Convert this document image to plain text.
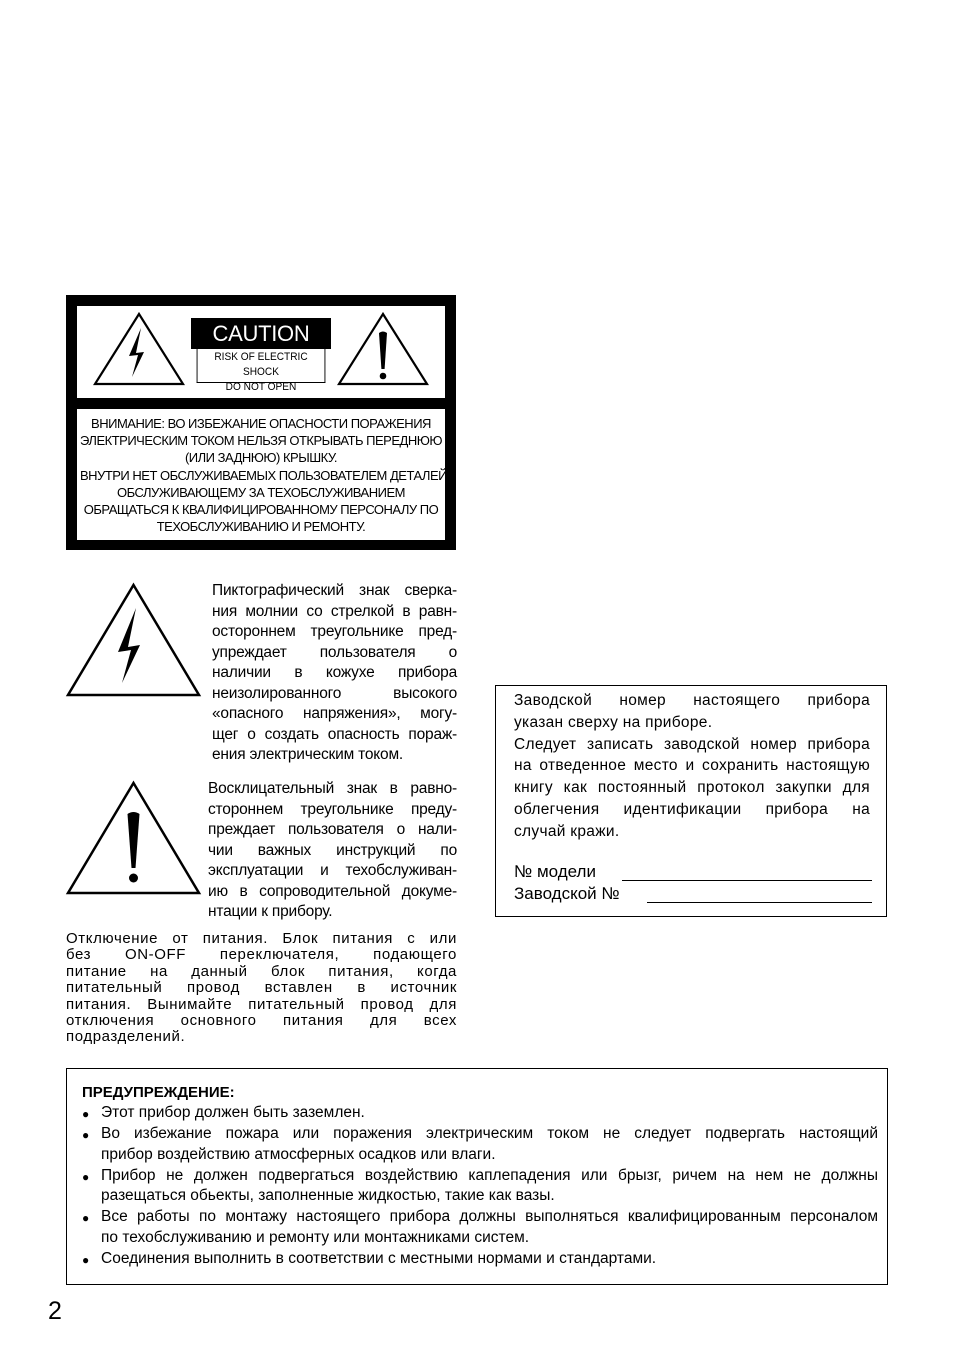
CAUTION
RISK OF ELECTRIC SHOCK
DO NOT OPEN
ВНИМАНИЕ: ВО ИЗБЕЖАНИЕ ОПАСНОСТИ ПОРАЖЕНИЯ
ЭЛЕКТРИЧЕСКИМ ТОКОМ НЕЛЬЗЯ ОТКРЫВАТЬ ПЕРЕДНЮЮ
(ИЛИ ЗАДНЮЮ) КРЫШКУ.
ВНУТРИ НЕТ ОБСЛУЖИВАЕМЫХ ПОЛЬЗОВАТЕЛЕМ ДЕТАЛЕЙ.
ОБСЛУЖИВАЮЩЕМУ ЗА ТЕХОБСЛУЖИВАНИЕМ
ОБРАЩАТЬСЯ К КВАЛИФИЦИРОВАННОМУ ПЕРСОНАЛУ ПО
ТЕХОБСЛУЖИВАНИЮ И РЕМОНТУ.
Пиктографический знак сверка-
ния молнии со стрелкой в равн-
остороннем треугольнике пред-
упреждает пользователя о
наличии в кожухе прибора
неизолированного высокого
«опасного напряжения», могу-
щег о создать опасность пораж-
ения электрическим током.
Восклицательный знак в равно-
стороннем треугольнике преду-
преждает пользователя о нали-
чии важных инструкций по
эксплуатации и техобслуживан-
ию в сопроводительной докуме-
нтации к прибору.
Отключение от питания. Блок питания с или
без ON-OFF переключателя, подающего
питание на данный блок питания, когда
питательный провод вставлен в источник
питания. Вынимайте питательный провод для
отключения основного питания для всех
подразделений.
Заводской номер настоящего прибора
указан сверху на приборе.
Следует записать заводской номер прибора
на отведенное место и сохранить настоящую
книгу как постоянный протокол закупки для
облегчения идентификации прибора на
случай кражи.
№ модели
Заводской №
ПРЕДУПРЕЖДЕНИЕ:
● Этот прибор должен быть заземлен.
● Во избежание пожара или поражения электрическим током не следует подвергать настоящий
прибор воздействию атмосферных осадков или влаги.
● Прибор не должен подвергаться воздействию каплепадения или брызг, ричем на нем не должны
разещаться обьекты, заполненные жидкостью, такие как вазы.
● Все работы по монтажу настоящего прибора должны выполняться квалифицированным персоналом
по техобслуживанию и ремонту или монтажниками систем.
● Соединения выполнить в соответствии с местными нормами и стандартами.
2
